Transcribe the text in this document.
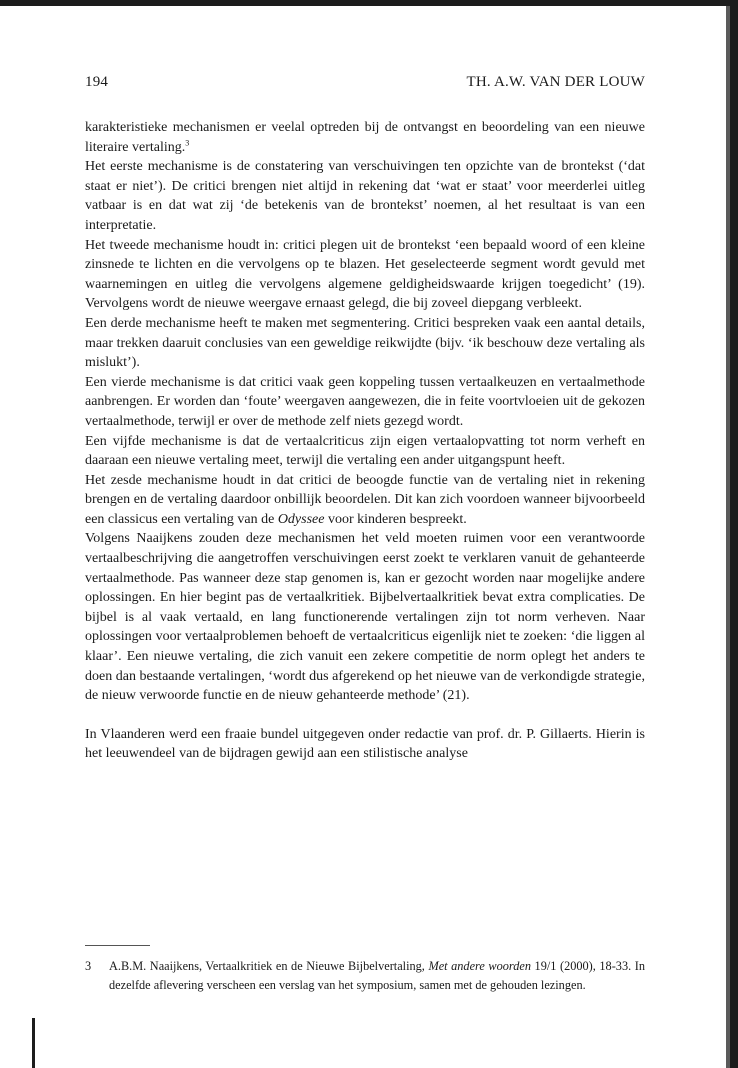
194	TH. A.W. VAN DER LOUW

karakteristieke mechanismen er veelal optreden bij de ontvangst en beoordeling van een nieuwe literaire vertaling.$^3$

Het eerste mechanisme is de constatering van verschuivingen ten opzichte van de brontekst (‘dat staat er niet’). De critici brengen niet altijd in rekening dat ‘wat er staat’ voor meerderlei uitleg vatbaar is en dat wat zij ‘de betekenis van de brontekst’ noemen, al het resultaat is van een interpretatie.

Het tweede mechanisme houdt in: critici plegen uit de brontekst ‘een bepaald woord of een kleine zinsnede te lichten en die vervolgens op te blazen. Het geselecteerde segment wordt gevuld met waarnemingen en uitleg die vervolgens algemene geldigheidswaarde krijgen toegedicht’ (19). Vervolgens wordt de nieuwe weergave ernaast gelegd, die bij zoveel diepgang verbleekt.

Een derde mechanisme heeft te maken met segmentering. Critici bespreken vaak een aantal details, maar trekken daaruit conclusies van een geweldige reikwijdte (bijv. ‘ik beschouw deze vertaling als mislukt’).

Een vierde mechanisme is dat critici vaak geen koppeling tussen vertaalkeuzen en vertaalmethode aanbrengen. Er worden dan ‘foute’ weergaven aangewezen, die in feite voortvloeien uit de gekozen vertaalmethode, terwijl er over de methode zelf niets gezegd wordt.

Een vijfde mechanisme is dat de vertaalcriticus zijn eigen vertaalopvatting tot norm verheft en daaraan een nieuwe vertaling meet, terwijl die vertaling een ander uitgangspunt heeft.

Het zesde mechanisme houdt in dat critici de beoogde functie van de vertaling niet in rekening brengen en de vertaling daardoor onbillijk beoordelen. Dit kan zich voordoen wanneer bijvoorbeeld een classicus een vertaling van de Odyssee voor kinderen bespreekt.

Volgens Naaijkens zouden deze mechanismen het veld moeten ruimen voor een verantwoorde vertaalbeschrijving die aangetroffen verschuivingen eerst zoekt te verklaren vanuit de gehanteerde vertaalmethode. Pas wanneer deze stap genomen is, kan er gezocht worden naar mogelijke andere oplossingen. En hier begint pas de vertaalkritiek. Bijbelvertaalkritiek bevat extra complicaties. De bijbel is al vaak vertaald, en lang functionerende vertalingen zijn tot norm verheven. Naar oplossingen voor vertaalproblemen behoeft de vertaalcriticus eigenlijk niet te zoeken: ‘die liggen al klaar’. Een nieuwe vertaling, die zich vanuit een zekere competitie de norm oplegt het anders te doen dan bestaande vertalingen, ‘wordt dus afgerekend op het nieuwe van de verkondigde strategie, de nieuw verwoorde functie en de nieuw gehanteerde methode’ (21).

In Vlaanderen werd een fraaie bundel uitgegeven onder redactie van prof. dr. P. Gillaerts. Hierin is het leeuwendeel van de bijdragen gewijd aan een stilistische analyse

3	A.B.M. Naaijkens, Vertaalkritiek en de Nieuwe Bijbelvertaling, Met andere woorden 19/1 (2000), 18-33. In dezelfde aflevering verscheen een verslag van het symposium, samen met de gehouden lezingen.
